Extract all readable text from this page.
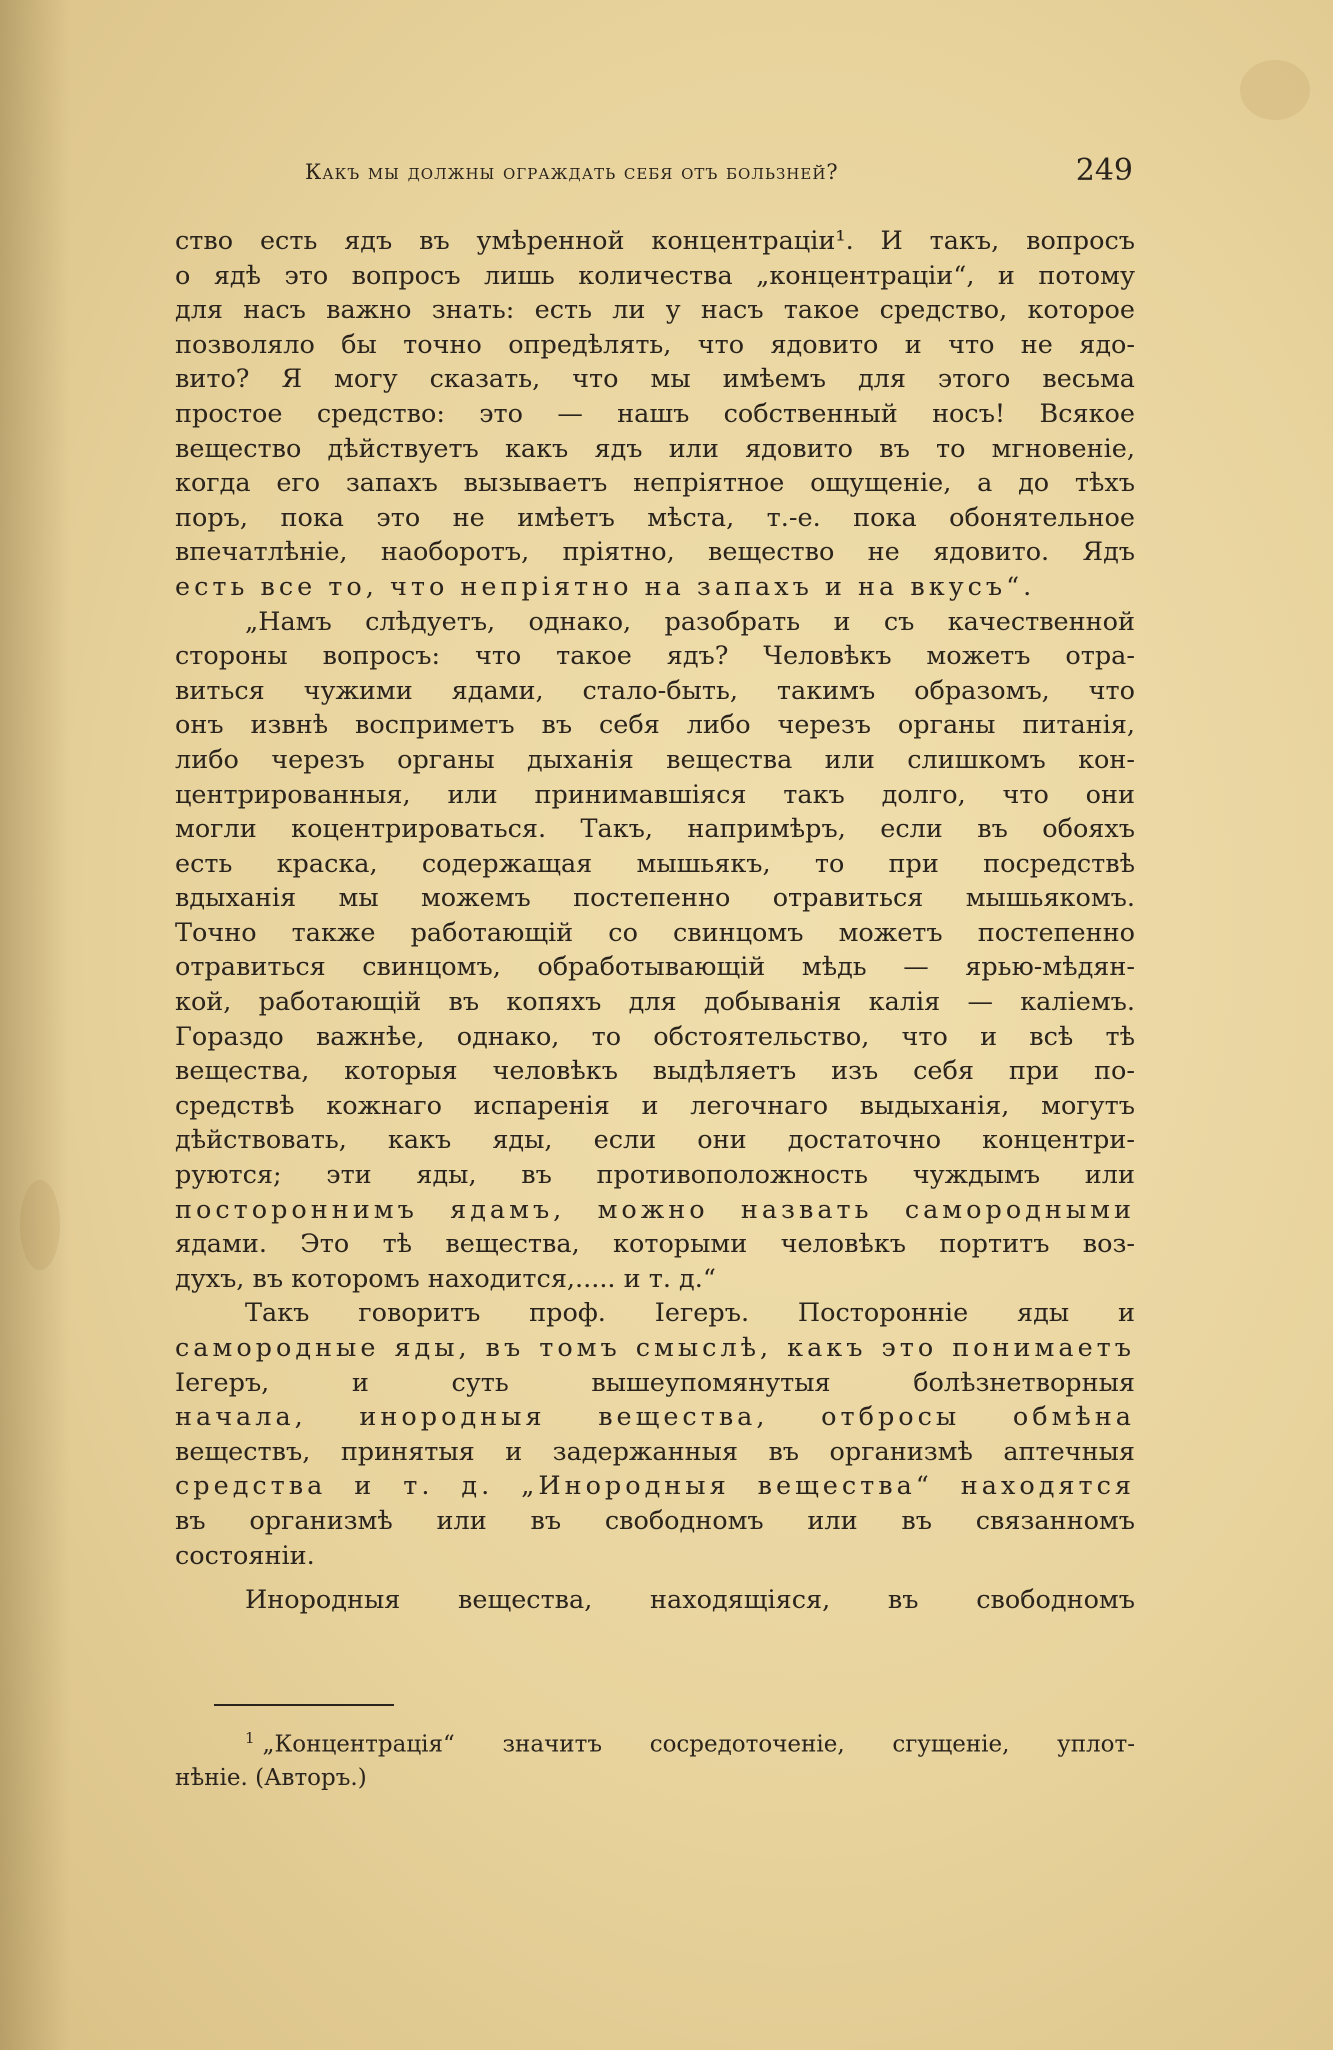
Какъ мы должны ограждать себя отъ бользней?	249
ство есть ядъ въ умѣренной концентраціи¹. И такъ, вопросъ
о ядѣ это вопросъ лишь количества „концентраціи“, и потому
для насъ важно знать: есть ли у насъ такое средство, которое
позволяло бы точно опредѣлять, что ядовито и что не ядо-
вито? Я могу сказать, что мы имѣемъ для этого весьма
простое средство: это — нашъ собственный носъ! Всякое
вещество дѣйствуетъ какъ ядъ или ядовито въ то мгновеніе,
когда его запахъ вызываетъ непріятное ощущеніе, а до тѣхъ
поръ, пока это не имѣетъ мѣста, т.-е. пока обонятельное
впечатлѣніе, наоборотъ, пріятно, вещество не ядовито. Ядъ
есть все то, что непріятно на запахъ и на вкусъ“.
„Намъ слѣдуетъ, однако, разобрать и съ качественной
стороны вопросъ: что такое ядъ? Человѣкъ можетъ отра-
виться чужими ядами, стало-быть, такимъ образомъ, что
онъ извнѣ восприметъ въ себя либо черезъ органы питанія,
либо черезъ органы дыханія вещества или слишкомъ кон-
центрированныя, или принимавшіяся такъ долго, что они
могли коцентрироваться. Такъ, напримѣръ, если въ обояхъ
есть краска, содержащая мышьякъ, то при посредствѣ
вдыханія мы можемъ постепенно отравиться мышьякомъ.
Точно также работающій со свинцомъ можетъ постепенно
отравиться свинцомъ, обработывающій мѣдь — ярью-мѣдян-
кой, работающій въ копяхъ для добыванія калія — каліемъ.
Гораздо важнѣе, однако, то обстоятельство, что и всѣ тѣ
вещества, которыя человѣкъ выдѣляетъ изъ себя при по-
средствѣ кожнаго испаренія и легочнаго выдыханія, могутъ
дѣйствовать, какъ яды, если они достаточно концентри-
руются; эти яды, въ противоположность чуждымъ или
постороннимъ ядамъ, можно назвать самородными
ядами. Это тѣ вещества, которыми человѣкъ портитъ воз-
духъ, въ которомъ находится,..... и т. д.“
Такъ говоритъ проф. Іегеръ. Посторонніе яды и
самородные яды, въ томъ смыслѣ, какъ это понимаетъ
Іегеръ, и суть вышеупомянутыя болѣзнетворныя
начала, инородныя вещества, отбросы обмѣна
веществъ, принятыя и задержанныя въ организмѣ аптечныя
средства и т. д. „Инородныя вещества“ находятся
въ организмѣ или въ свободномъ или въ связанномъ
состояніи.
Инородныя вещества, находящіяся, въ свободномъ
$^1$ „Концентрація“ значитъ сосредоточеніе, сгущеніе, уплот-
нѣніе. (Авторъ.)
